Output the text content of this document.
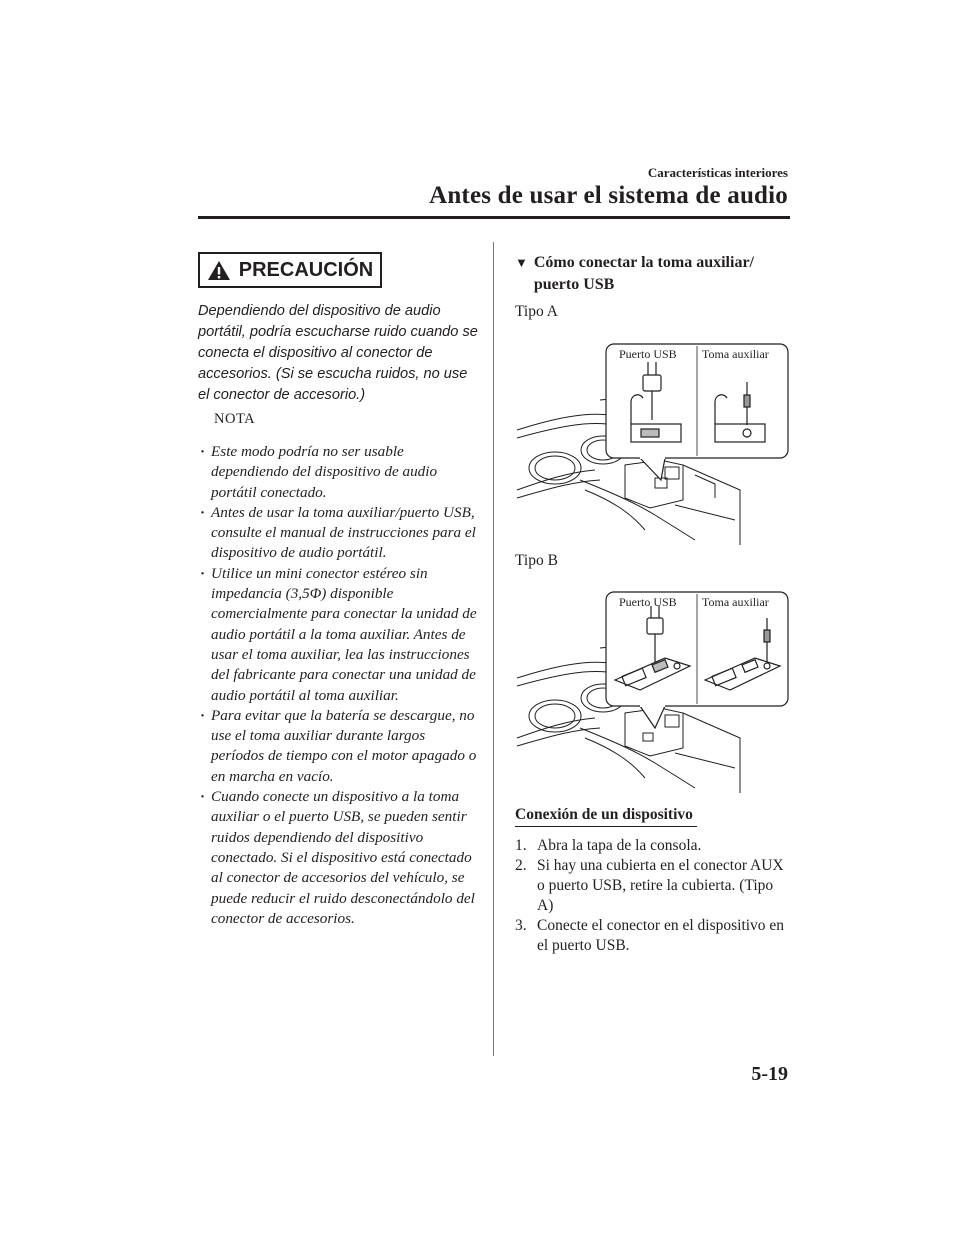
Características interiores
Antes de usar el sistema de audio
PRECAUCIÓN
Dependiendo del dispositivo de audio portátil, podría escucharse ruido cuando se conecta el dispositivo al conector de accesorios. (Si se escucha ruidos, no use el conector de accesorio.)
NOTA
· Este modo podría no ser usable dependiendo del dispositivo de audio portátil conectado.
· Antes de usar la toma auxiliar/puerto USB, consulte el manual de instrucciones para el dispositivo de audio portátil.
· Utilice un mini conector estéreo sin impedancia (3,5Φ) disponible comercialmente para conectar la unidad de audio portátil a la toma auxiliar. Antes de usar el toma auxiliar, lea las instrucciones del fabricante para conectar una unidad de audio portátil al toma auxiliar.
· Para evitar que la batería se descargue, no use el toma auxiliar durante largos períodos de tiempo con el motor apagado o en marcha en vacío.
· Cuando conecte un dispositivo a la toma auxiliar o el puerto USB, se pueden sentir ruidos dependiendo del dispositivo conectado. Si el dispositivo está conectado al conector de accesorios del vehículo, se puede reducir el ruido desconectándolo del conector de accesorios.
▼ Cómo conectar la toma auxiliar/ puerto USB
Tipo A
Puerto USB Toma auxiliar
Tipo B
Puerto USB Toma auxiliar
Conexión de un dispositivo
1. Abra la tapa de la consola.
2. Si hay una cubierta en el conector AUX o puerto USB, retire la cubierta. (Tipo A)
3. Conecte el conector en el dispositivo en el puerto USB.
5-19
